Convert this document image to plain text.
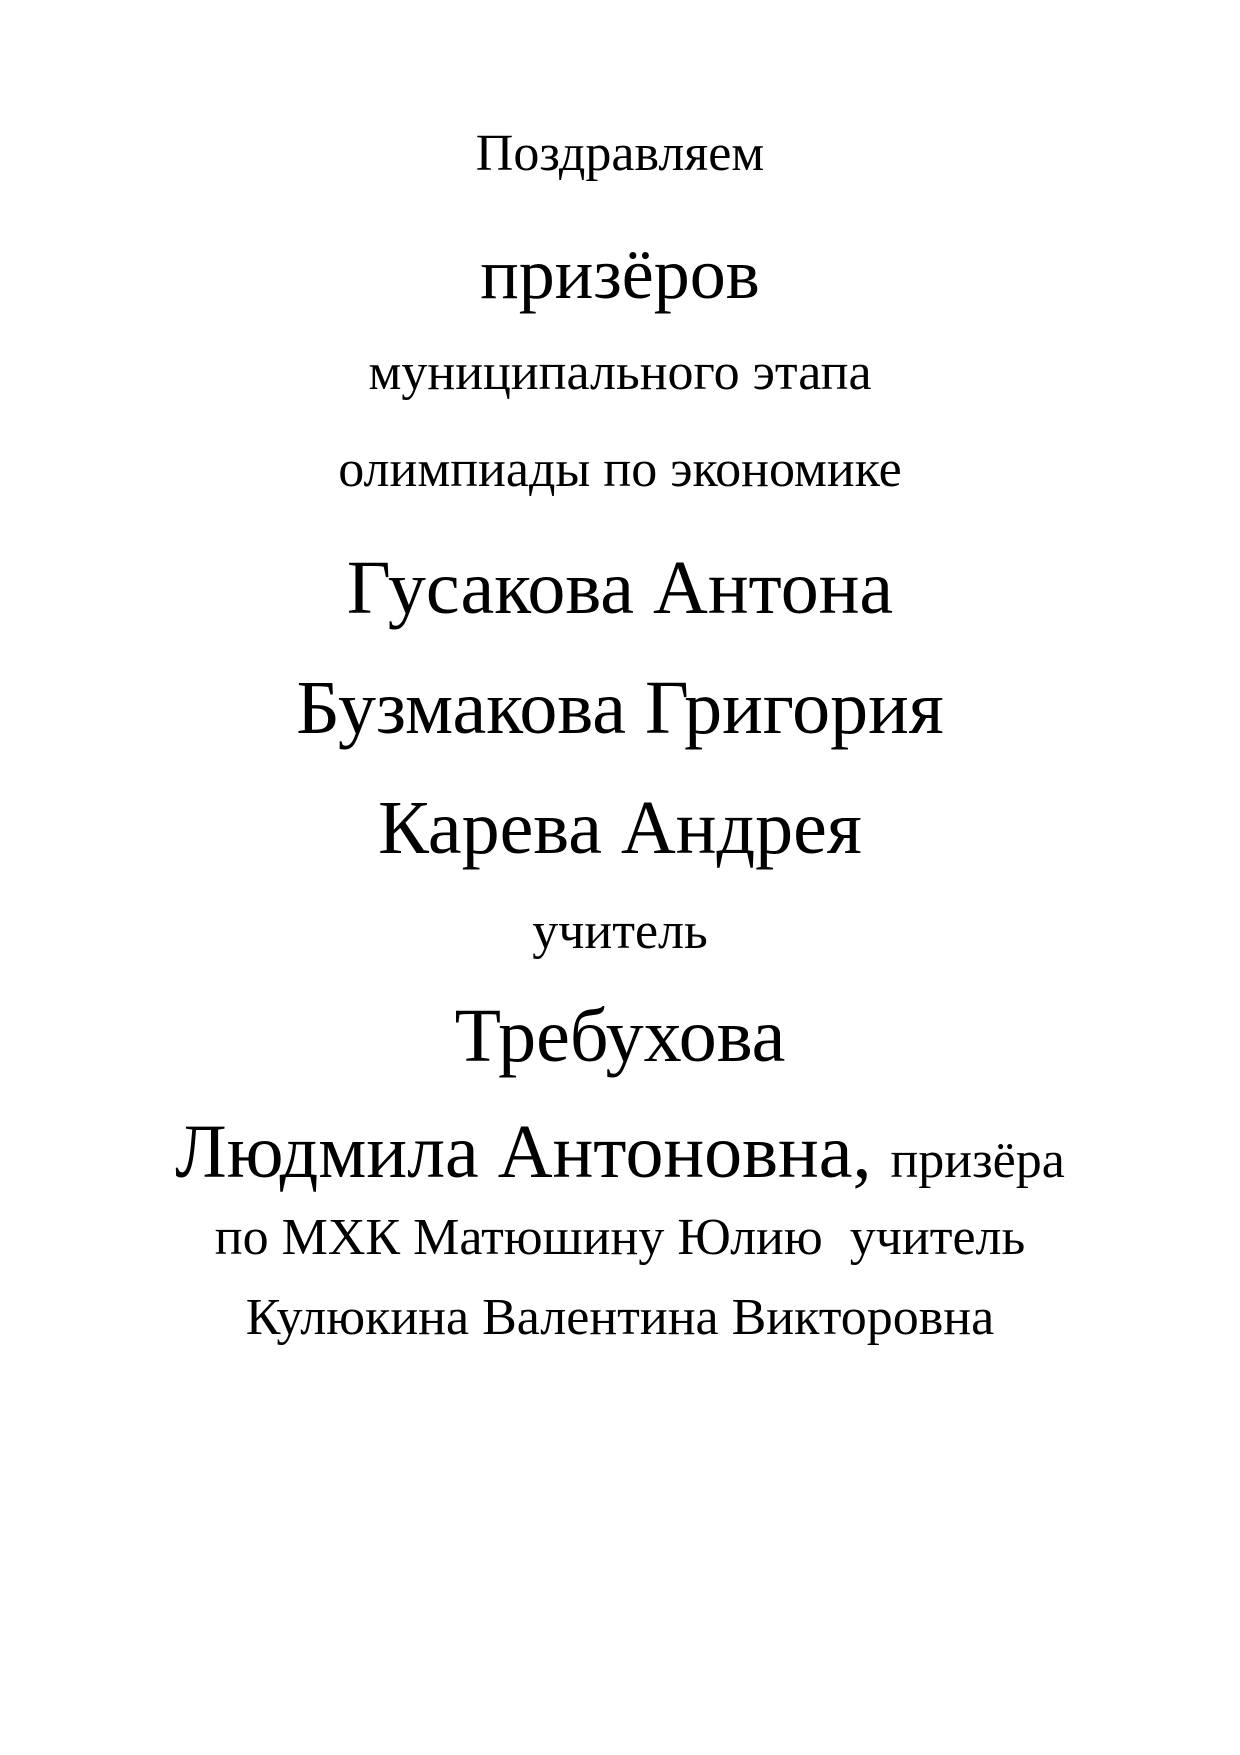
Поздравляем
призёров
муниципального этапа
олимпиады по экономике
Гусакова Антона
Бузмакова Григория
Карева Андрея
учитель
Требухова
Людмила Антоновна, призёра
по МХК Матюшину Юлию учитель
Кулюкина Валентина Викторовна
